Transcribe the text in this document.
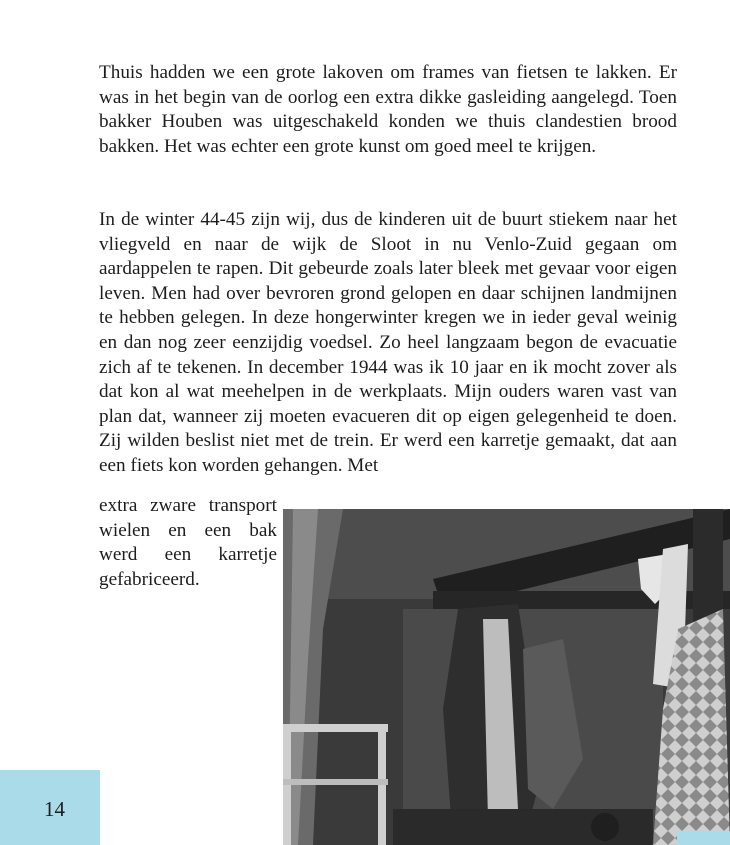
Thuis hadden we een grote lakoven om frames van fietsen te lakken. Er was in het begin van de oorlog een extra dikke gasleiding aangelegd. Toen bakker Houben was uitgeschakeld konden we thuis clandestien brood bakken. Het was echter een grote kunst om goed meel te krijgen.

In de winter 44-45 zijn wij, dus de kinderen uit de buurt stiekem naar het vliegveld en naar de wijk de Sloot in nu Venlo-Zuid gegaan om aardappelen te rapen. Dit gebeurde zoals later bleek met gevaar voor eigen leven. Men had over bevroren grond gelopen en daar schijnen landmijnen te hebben gelegen. In deze hongerwinter kregen we in ieder geval weinig en dan nog zeer eenzijdig voedsel. Zo heel langzaam begon de evacuatie zich af te tekenen. In december 1944 was ik 10 jaar en ik mocht zover als dat kon al wat meehelpen in de werkplaats. Mijn ouders waren vast van plan dat, wanneer zij moeten evacueren dit op eigen gelegenheid te doen. Zij wilden beslist niet met de trein. Er werd een karretje gemaakt, dat aan een fiets kon worden gehangen. Met

extra zware transport wielen en een bak werd een karretje gefabriceerd.

14
